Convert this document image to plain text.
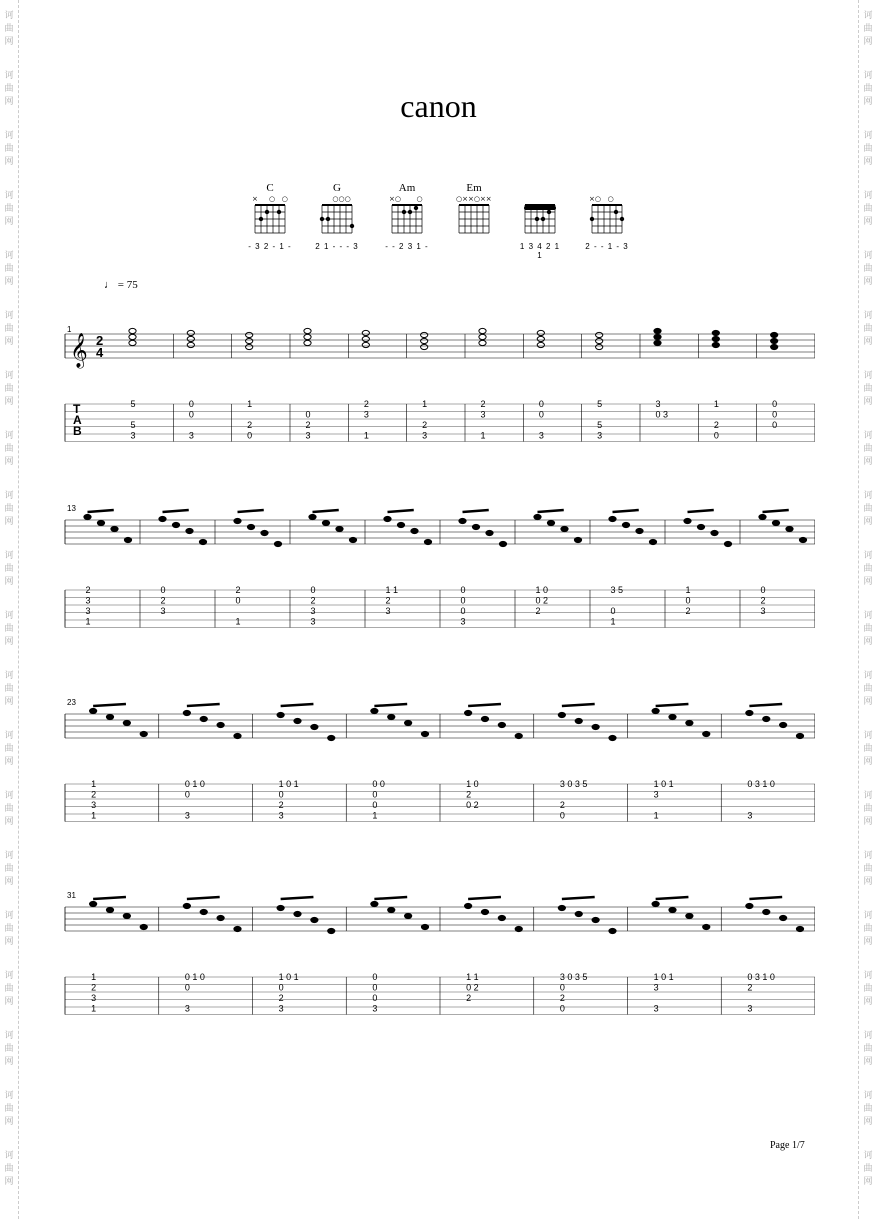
诃
曲
网
诃
曲
网
诃
曲
网
诃
曲
网
诃
曲
网
诃
曲
网
诃
曲
网
诃
曲
网
诃
曲
网
诃
曲
网
诃
曲
网
诃
曲
网
诃
曲
网
诃
曲
网
诃
曲
网
诃
曲
网
诃
曲
网
诃
曲
网
诃
曲
网
诃
曲
网
诃
曲
网
诃
曲
网
诃
曲
网
诃
曲
网
诃
曲
网
诃
曲
网
诃
曲
网
诃
曲
网
诃
曲
网
诃
曲
网
诃
曲
网
诃
曲
网
诃
曲
网
诃
曲
网
诃
曲
网
诃
曲
网
诃
曲
网
诃
曲
网
诃
曲
网
诃
曲
网
canon
C
×     ○   ○
- 3 2 - 1 -
G
○○○
2 1 - - - 3
Am
×○       ○
- - 2 3 1 -
Em
○××○××
1 3 4 2 1 1
×○   ○
2 - - 1 - 3
♩ = 75
1
𝄞 2
4
T
A
B
5
5
3
0
0
3
1
2
0
0
2
3
2
3
1
1
2
3
2
3
1
0
0
3
5
5
3
3
0 3
1
2
0
0
0
0
13
2
3
3
1
0
2
3
2
0
1
0
2
3
3
1 1
2
3
0
0
0
3
1 0
0 2
2
3 5
0
1
1
0
2
0
2
3
23
1
2
3
1
0 1 0
0
3
1 0 1
0
2
3
0 0
0
0
1
1 0
2
0 2
3 0 3 5
2
0
1 0 1
3
1
0 3 1 0
3
31
1
2
3
1
0 1 0
0
3
1 0 1
0
2
3
0
0
0
3
1 1
0 2
2
3 0 3 5
0
2
0
1 0 1
3
3
0 3 1 0
2
3
Page 1/7
